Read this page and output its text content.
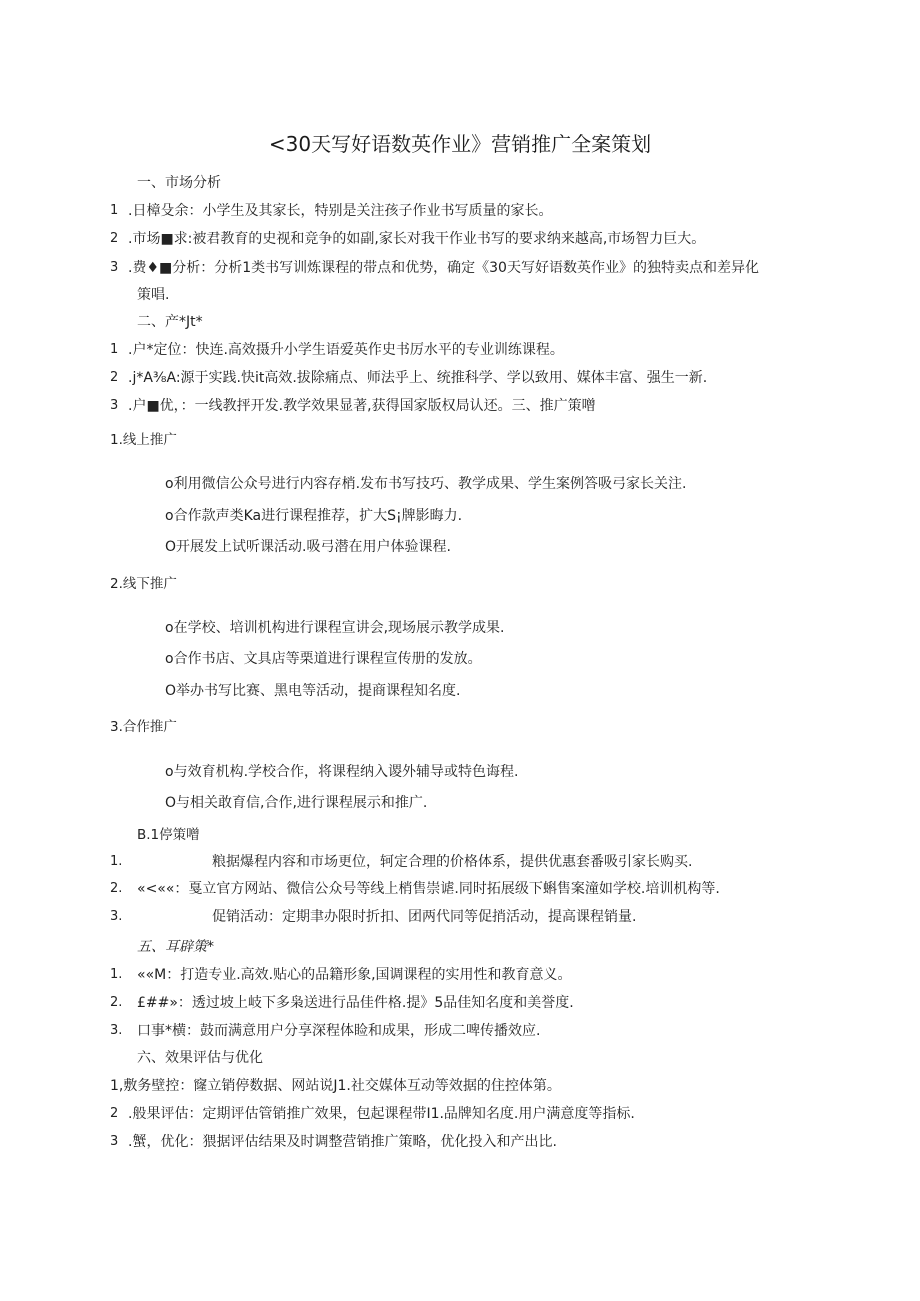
<30天写好语数英作业》营销推广全案策划
一、市场分析
1 .日樟殳余：小学生及其家长，特别是关注孩子作业书写质量的家长。
2 .市场■求:被君教育的史视和竞争的如副,家长对我干作业书写的要求纳来越高,市场智力巨大。
3 .费♦■分析：分析1类书写训炼课程的带点和优势，确定《30天写好语数英作业》的独特卖点和差异化
策唱.
二、产*Jt*
1 .户*定位：快连.高效摄升小学生语爱英作史书厉水平的专业训练课程。
2 .j*A⅜A:源于实践.快it高效.拔除痛点、师法乎上、统推科学、学以致用、媒体丰富、强生一新.
3 .户■优，：一线教抨开发.教学效果显著,获得国家版权局认还。三、推广策噌
1.线上推广
o利用微信公众号进行内容存梢.发布书写技巧、教学成果、学生案例答吸弓家长关注.
o合作款声类Ka进行课程推荐，扩大S¡牌影晦力.
O开展发上试听课活动.吸弓潜在用户体验课程.
2.线下推广
o在学校、培训机构进行课程宣讲会,现场展示教学成果.
o合作书店、文具店等栗道进行课程宣传册的发放。
O举办书写比赛、黑电等活动，提商课程知名度.
3.合作推广
o与效育机构.学校合作，将课程纳入谡外辅导或特色诲程.
O与相关敢育信,合作,进行课程展示和推广.
B.1停策噌
1.	粮据爆程内容和市场更位，轲定合理的价格体系，提供优惠套番吸引家长购买.
2. «<««：戛立官方网站、微信公众号等线上梢售崇谑.同时拓展级下蝌售案潼如学校.培训机构等.
3.	促销活动：定期聿办限时折扣、团两代同等促捎活动，提高课程销量.
五、耳辟策*
1. ««M：打造专业.高效.贴心的品籍形象,国调课程的实用性和教育意义。
2. £##»：透过坡上岐下多枭送进行品佳件格.提》5品佳知名度和美誉度.
3. 口事*横：鼓而满意用户分享深程体睑和成果，形成二啤传播效应.
六、效果评估与优化
1,敷务壁控：窿立销停数据、网站说J1.社交媒体互动等效据的住控体第。
2 .般果评估：定期评估管销推广效果，包起课程带I1.品牌知名度.用户满意度等指标.
3 .蟹，优化：猥据评估结果及时调整营销推广策略，优化投入和产出比.
